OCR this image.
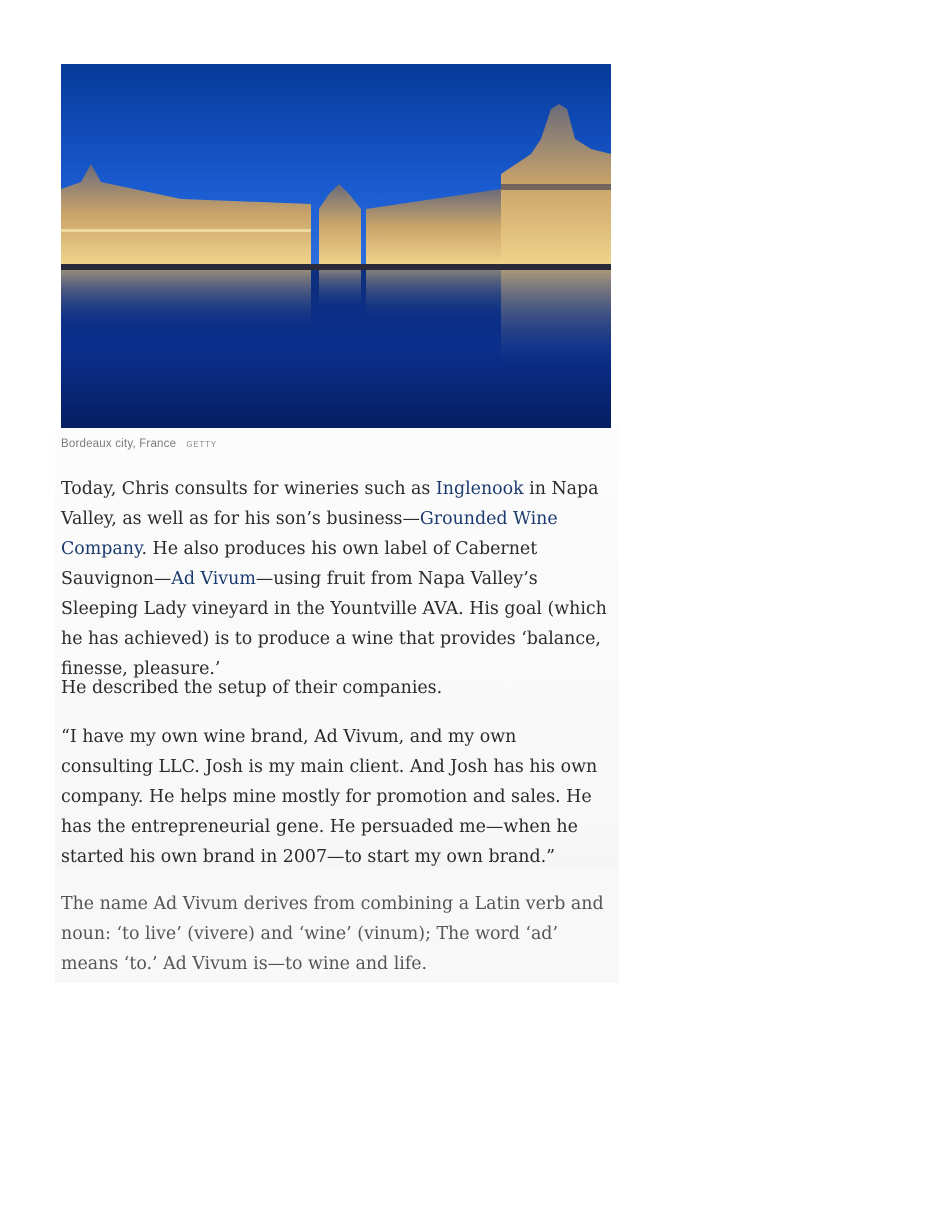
Bordeaux city, France GETTY

Today, Chris consults for wineries such as Inglenook in Napa Valley, as well as for his son’s business—Grounded Wine Company. He also produces his own label of Cabernet Sauvignon—Ad Vivum—using fruit from Napa Valley’s Sleeping Lady vineyard in the Yountville AVA. His goal (which he has achieved) is to produce a wine that provides ‘balance, finesse, pleasure.’

He described the setup of their companies.

“I have my own wine brand, Ad Vivum, and my own consulting LLC. Josh is my main client. And Josh has his own company. He helps mine mostly for promotion and sales. He has the entrepreneurial gene. He persuaded me—when he started his own brand in 2007—to start my own brand.”

The name Ad Vivum derives from combining a Latin verb and noun: ‘to live’ (vivere) and ‘wine’ (vinum); The word ‘ad’ means ‘to.’ Ad Vivum is—to wine and life.
